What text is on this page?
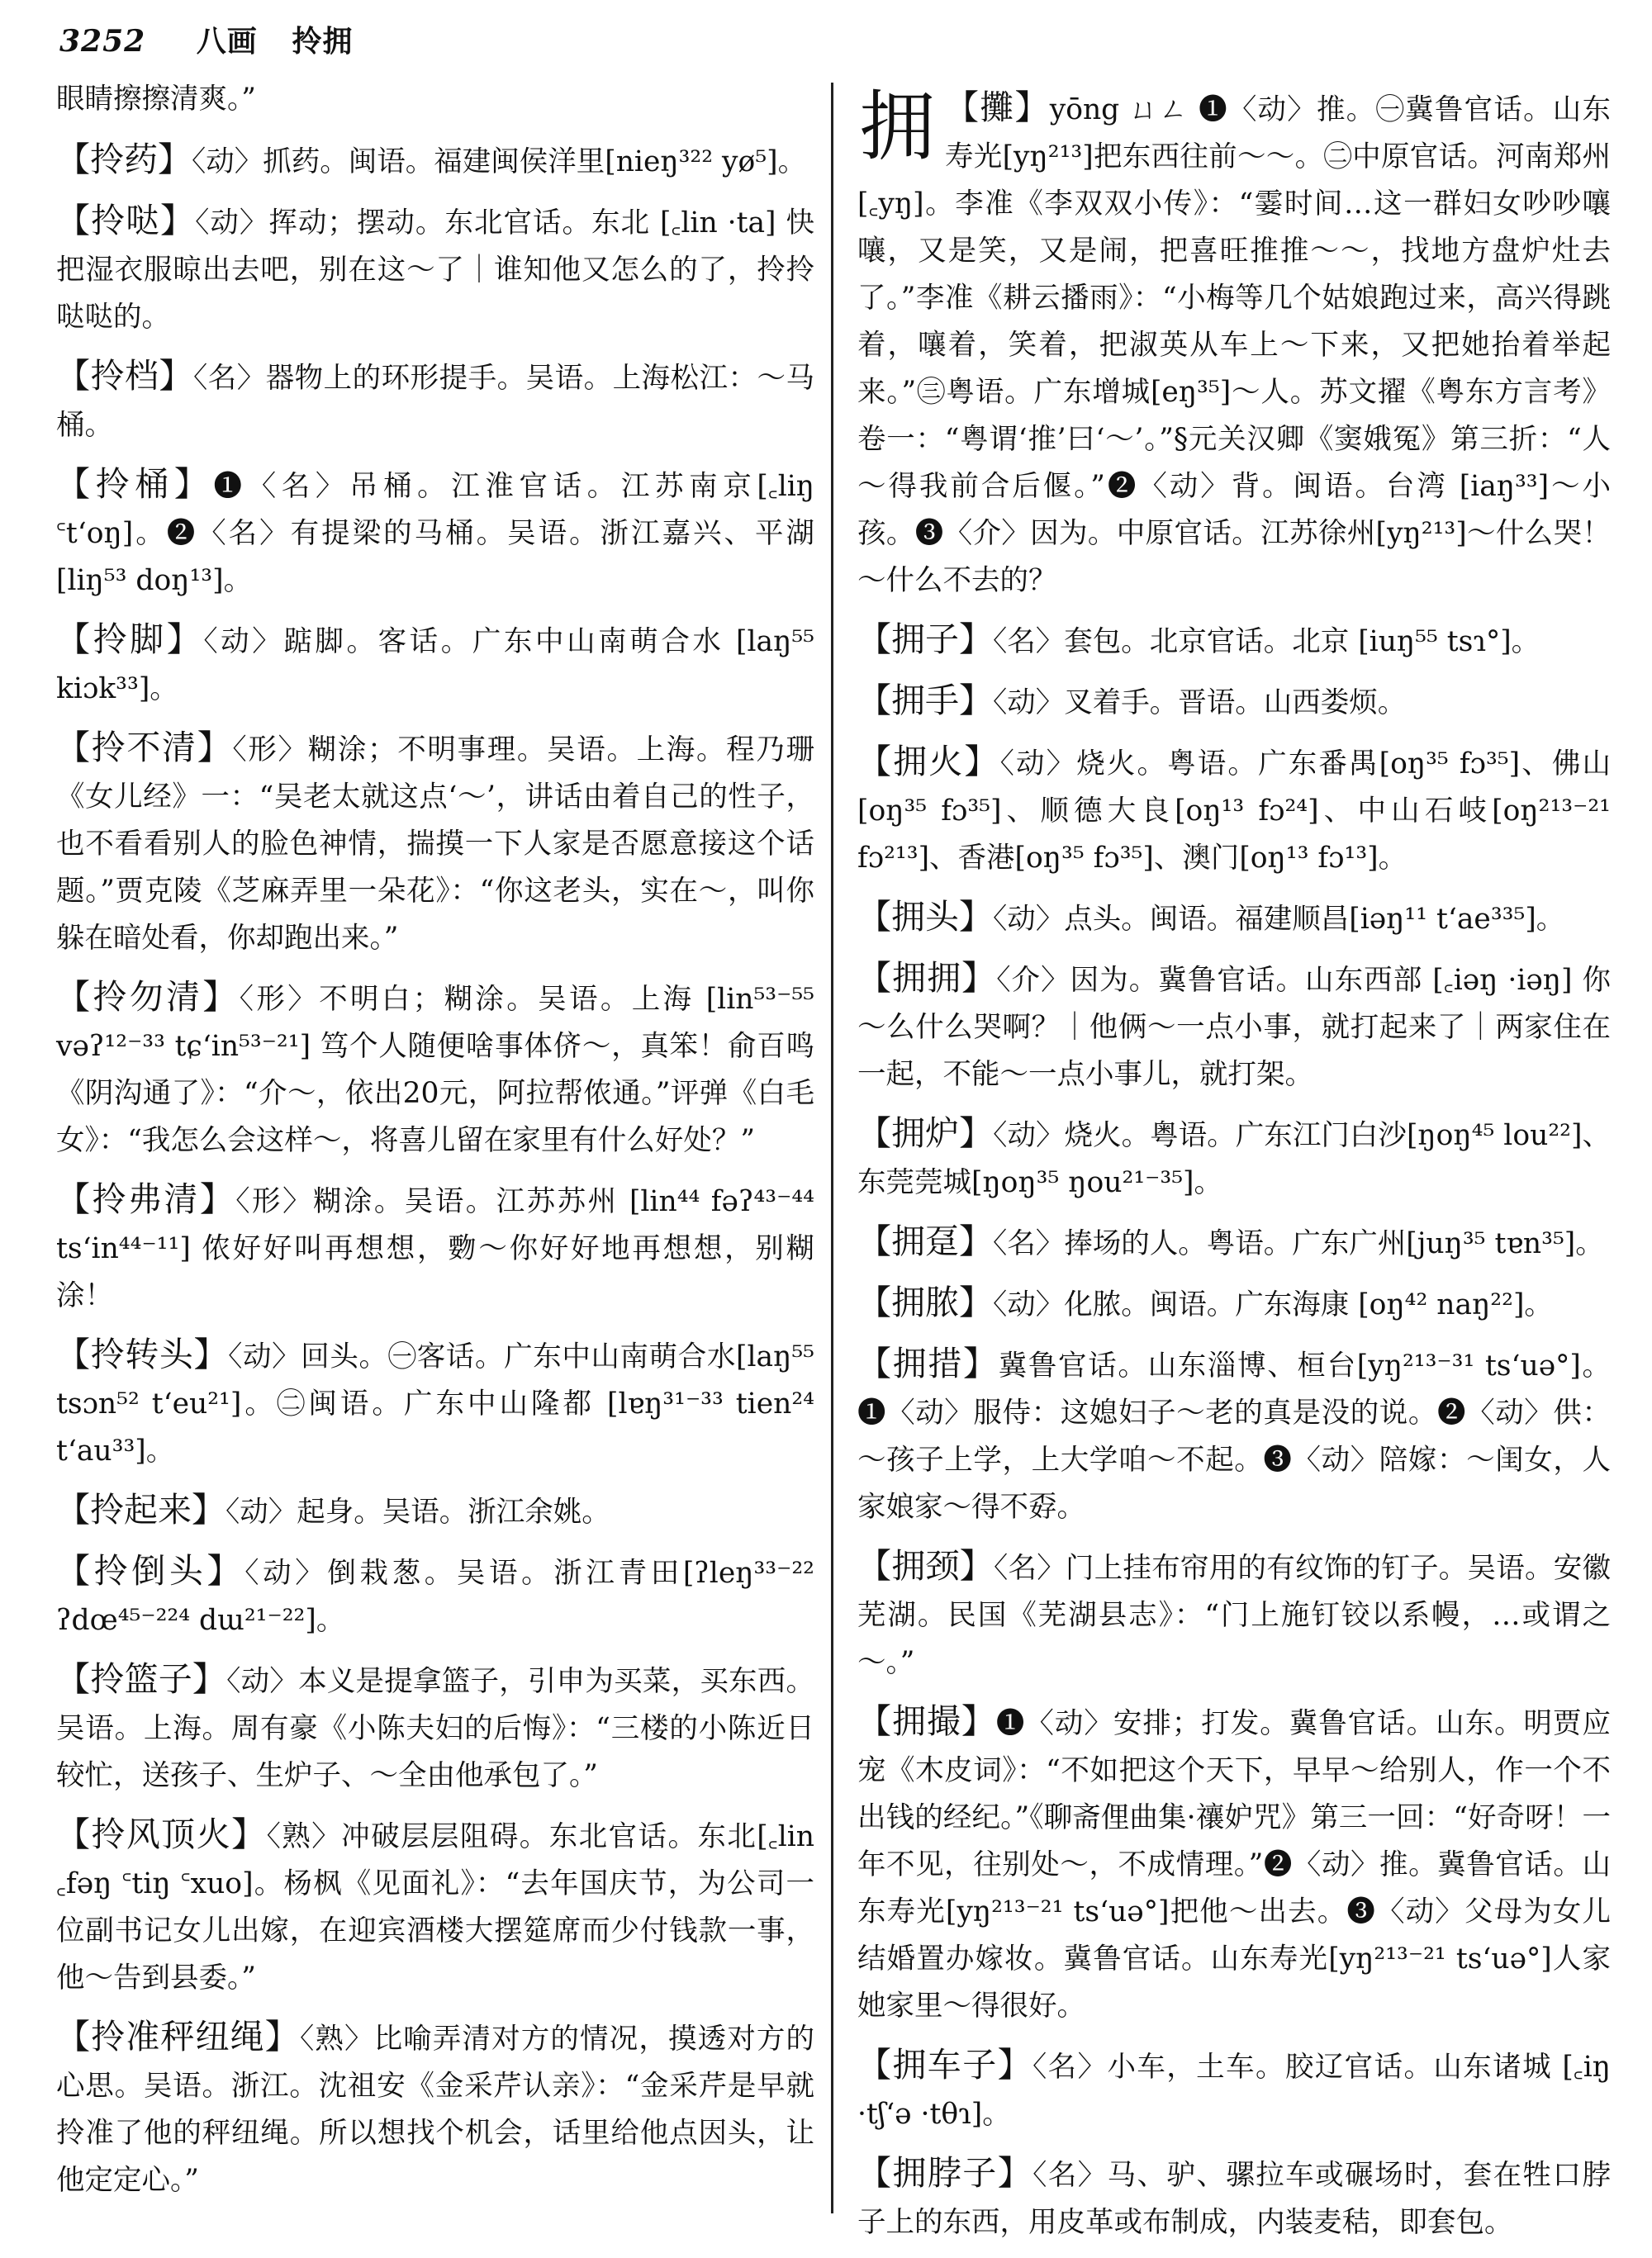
3252 八画 拎拥
眼睛擦擦清爽。”
【拎药】〈动〉抓药。闽语。福建闽侯洋里[nieŋ³²² yø⁵]。
【拎哒】〈动〉挥动；摆动。东北官话。东北 [꜀lin ·ta] 快把湿衣服晾出去吧，别在这～了｜谁知他又怎么的了，拎拎哒哒的。
【拎档】〈名〉器物上的环形提手。吴语。上海松江：～马桶。
【拎桶】❶〈名〉吊桶。江淮官话。江苏南京[꜀liŋ ꜂t‘oŋ]。❷〈名〉有提梁的马桶。吴语。浙江嘉兴、平湖 [liŋ⁵³ doŋ¹³]。
【拎脚】〈动〉踮脚。客话。广东中山南萌合水 [laŋ⁵⁵ kiɔk³³]。
【拎不清】〈形〉糊涂；不明事理。吴语。上海。程乃珊《女儿经》一：“吴老太就这点‘～’，讲话由着自己的性子，也不看看别人的脸色神情，揣摸一下人家是否愿意接这个话题。”贾克陵《芝麻弄里一朵花》：“你这老头，实在～，叫你躲在暗处看，你却跑出来。”
【拎勿清】〈形〉不明白；糊涂。吴语。上海 [lin⁵³⁻⁵⁵ vəʔ¹²⁻³³ tɕ‘in⁵³⁻²¹] 笃个人随便啥事体侪～，真笨！俞百鸣《阴沟通了》：“介～，依出20元，阿拉帮侬通。”评弹《白毛女》：“我怎么会这样～，将喜儿留在家里有什么好处？”
【拎弗清】〈形〉糊涂。吴语。江苏苏州 [lin⁴⁴ fəʔ⁴³⁻⁴⁴ ts‘in⁴⁴⁻¹¹] 侬好好叫再想想，覅～你好好地再想想，别糊涂！
【拎转头】〈动〉回头。㊀客话。广东中山南萌合水[laŋ⁵⁵ tsɔn⁵² t‘eu²¹]。㊁闽语。广东中山隆都 [lɐŋ³¹⁻³³ tien²⁴ t‘au³³]。
【拎起来】〈动〉起身。吴语。浙江余姚。
【拎倒头】〈动〉倒栽葱。吴语。浙江青田[ʔleŋ³³⁻²² ʔdœ⁴⁵⁻²²⁴ dɯ²¹⁻²²]。
【拎篮子】〈动〉本义是提拿篮子，引申为买菜，买东西。吴语。上海。周有豪《小陈夫妇的后悔》：“三楼的小陈近日较忙，送孩子、生炉子、～全由他承包了。”
【拎风顶火】〈熟〉冲破层层阻碍。东北官话。东北[꜀lin ꜀fəŋ ꜂tiŋ ꜂xuo]。杨枫《见面礼》：“去年国庆节，为公司一位副书记女儿出嫁，在迎宾酒楼大摆筵席而少付钱款一事，他～告到县委。”
【拎准秤纽绳】〈熟〉比喻弄清对方的情况，摸透对方的心思。吴语。浙江。沈祖安《金采芹认亲》：“金采芹是早就拎准了他的秤纽绳。所以想找个机会，话里给他点因头，让他定定心。”
拥 【攤】yōng ㄩㄥ ❶〈动〉推。㊀冀鲁官话。山东寿光[yŋ²¹³]把东西往前～～。㊁中原官话。河南郑州[꜀yŋ]。李准《李双双小传》：“霎时间…这一群妇女吵吵嚷嚷，又是笑，又是闹，把喜旺推推～～，找地方盘炉灶去了。”李准《耕云播雨》：“小梅等几个姑娘跑过来，高兴得跳着，嚷着，笑着，把淑英从车上～下来，又把她抬着举起来。”㊂粤语。广东增城[eŋ³⁵]～人。苏文擢《粤东方言考》卷一：“粤谓‘推’曰‘～’。”§元关汉卿《窦娥冤》第三折：“人～得我前合后偃。”❷〈动〉背。闽语。台湾 [iaŋ³³]～小孩。❸〈介〉因为。中原官话。江苏徐州[yŋ²¹³]～什么哭！～什么不去的？
【拥子】〈名〉套包。北京官话。北京 [iuŋ⁵⁵ tsɿ°]。
【拥手】〈动〉叉着手。晋语。山西娄烦。
【拥火】〈动〉烧火。粤语。广东番禺[oŋ³⁵ fɔ³⁵]、佛山[oŋ³⁵ fɔ³⁵]、顺德大良[oŋ¹³ fɔ²⁴]、中山石岐[oŋ²¹³⁻²¹ fɔ²¹³]、香港[oŋ³⁵ fɔ³⁵]、澳门[oŋ¹³ fɔ¹³]。
【拥头】〈动〉点头。闽语。福建顺昌[iəŋ¹¹ t‘ae³³⁵]。
【拥拥】〈介〉因为。冀鲁官话。山东西部 [꜀iəŋ ·iəŋ] 你～么什么哭啊？｜他俩～一点小事，就打起来了｜两家住在一起，不能～一点小事儿，就打架。
【拥炉】〈动〉烧火。粤语。广东江门白沙[ŋoŋ⁴⁵ lou²²]、东莞莞城[ŋoŋ³⁵ ŋou²¹⁻³⁵]。
【拥趸】〈名〉捧场的人。粤语。广东广州[juŋ³⁵ tɐn³⁵]。
【拥脓】〈动〉化脓。闽语。广东海康 [oŋ⁴² naŋ²²]。
【拥措】冀鲁官话。山东淄博、桓台[yŋ²¹³⁻³¹ ts‘uə°]。❶〈动〉服侍：这媳妇子～老的真是没的说。❷〈动〉供：～孩子上学，上大学咱～不起。❸〈动〉陪嫁：～闺女，人家娘家～得不孬。
【拥颈】〈名〉门上挂布帘用的有纹饰的钉子。吴语。安徽芜湖。民国《芜湖县志》：“门上施钉铰以系幔，…或谓之～。”
【拥撮】❶〈动〉安排；打发。冀鲁官话。山东。明贾应宠《木皮词》：“不如把这个天下，早早～给别人，作一个不出钱的经纪。”《聊斋俚曲集·禳妒咒》第三一回：“好奇呀！一年不见，往别处～，不成情理。”❷〈动〉推。冀鲁官话。山东寿光[yŋ²¹³⁻²¹ ts‘uə°]把他～出去。❸〈动〉父母为女儿结婚置办嫁妆。冀鲁官话。山东寿光[yŋ²¹³⁻²¹ ts‘uə°]人家她家里～得很好。
【拥车子】〈名〉小车，土车。胶辽官话。山东诸城 [꜀iŋ ·tʃ‘ə ·tθɿ]。
【拥脖子】〈名〉马、驴、骡拉车或碾场时，套在牲口脖子上的东西，用皮革或布制成，内装麦秸，即套包。
